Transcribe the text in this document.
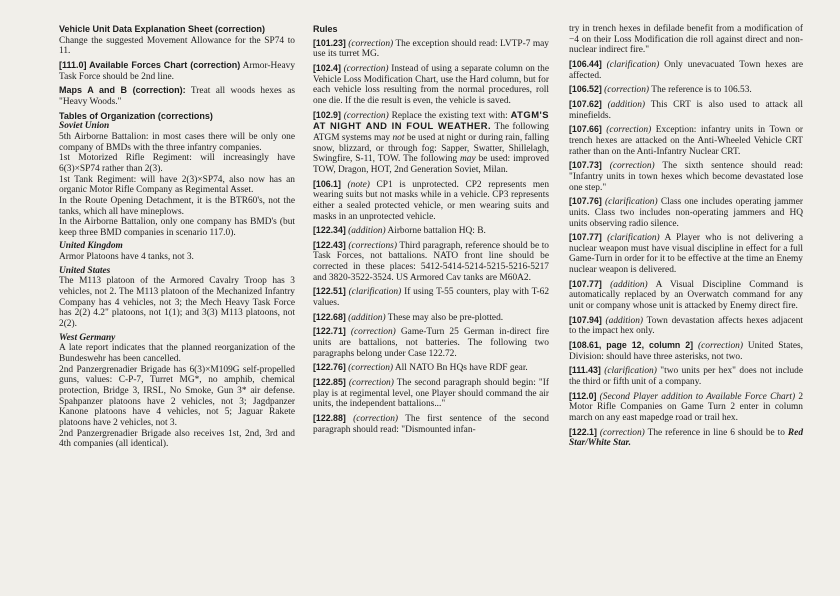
Vehicle Unit Data Explanation Sheet (correction)
Change the suggested Movement Allowance for the SP74 to 11.

[111.0] Available Forces Chart (correction) Armor-Heavy Task Force should be 2nd line.

Maps A and B (correction): Treat all woods hexes as "Heavy Woods."

Tables of Organization (corrections)

Soviet Union

5th Airborne Battalion: in most cases there will be only one company of BMDs with the three infantry companies.

1st Motorized Rifle Regiment: will increasingly have 6(3)×SP74 rather than 2(3).

1st Tank Regiment: will have 2(3)×SP74, also now has an organic Motor Rifle Company as Regimental Asset.

In the Route Opening Detachment, it is the BTR60's, not the tanks, which all have mineplows.

In the Airborne Battalion, only one company has BMD's (but keep three BMD companies in scenario 117.0).

United Kingdom

Armor Platoons have 4 tanks, not 3.

United States

The M113 platoon of the Armored Cavalry Troop has 3 vehicles, not 2. The M113 platoon of the Mechanized Infantry Company has 4 vehicles, not 3; the Mech Heavy Task Force has 2(2) 4.2" platoons, not 1(1); and 3(3) M113 platoons, not 2(2).

West Germany

A late report indicates that the planned reorganization of the Bundeswehr has been cancelled.

2nd Panzergrenadier Brigade has 6(3)×M109G self-propelled guns, values: C-P-7, Turret MG*, no amphib, chemical protection, Bridge 3, IRSL, No Smoke, Gun 3* air defense. Spahpanzer platoons have 2 vehicles, not 3; Jagdpanzer Kanone platoons have 4 vehicles, not 5; Jaguar Rakete platoons have 2 vehicles, not 3.

2nd Panzergrenadier Brigade also receives 1st, 2nd, 3rd and 4th companies (all identical).

Rules

[101.23] (correction) The exception should read: LVTP-7 may use its turret MG.

[102.4] (correction) Instead of using a separate column on the Vehicle Loss Modification Chart, use the Hard column, but for each vehicle loss resulting from the normal procedures, roll one die. If the die result is even, the vehicle is saved.

[102.9] (correction) Replace the existing text with: ATGM'S AT NIGHT AND IN FOUL WEATHER. The following ATGM systems may not be used at night or during rain, falling snow, blizzard, or through fog: Sapper, Swatter, Shillelagh, Swingfire, S-11, TOW. The following may be used: improved TOW, Dragon, HOT, 2nd Generation Soviet, Milan.

[106.1] (note) CP1 is unprotected. CP2 represents men wearing suits but not masks while in a vehicle. CP3 represents either a sealed protected vehicle, or men wearing suits and masks in an unprotected vehicle.

[122.34] (addition) Airborne battalion HQ: B.

[122.43] (corrections) Third paragraph, reference should be to Task Forces, not battalions. NATO front line should be corrected in these places: 5412-5414-5214-5215-5216-5217 and 3820-3522-3524. US Armored Cav tanks are M60A2.

[122.51] (clarification) If using T-55 counters, play with T-62 values.

[122.68] (addition) These may also be pre-plotted.

[122.71] (correction) Game-Turn 25 German in-direct fire units are battalions, not batteries. The following two paragraphs belong under Case 122.72.

[122.76] (correction) All NATO Bn HQs have RDF gear.

[122.85] (correction) The second paragraph should begin: "If play is at regimental level, one Player should command the air units, the independent battalions..."

[122.88] (correction) The first sentence of the second paragraph should read: "Dismounted infan-

try in trench hexes in defilade benefit from a modification of −4 on their Loss Modification die roll against direct and non-nuclear indirect fire."

[106.44] (clarification) Only unevacuated Town hexes are affected.

[106.52] (correction) The reference is to 106.53.

[107.62] (addition) This CRT is also used to attack all minefields.

[107.66] (correction) Exception: infantry units in Town or trench hexes are attacked on the Anti-Wheeled Vehicle CRT rather than on the Anti-Infantry Nuclear CRT.

[107.73] (correction) The sixth sentence should read: "Infantry units in town hexes which become devastated lose one step."

[107.76] (clarification) Class one includes operating jammer units. Class two includes non-operating jammers and HQ units observing radio silence.

[107.77] (clarification) A Player who is not delivering a nuclear weapon must have visual discipline in effect for a full Game-Turn in order for it to be effective at the time an Enemy nuclear weapon is delivered.

[107.77] (addition) A Visual Discipline Command is automatically replaced by an Overwatch command for any unit or company whose unit is attacked by Enemy direct fire.

[107.94] (addition) Town devastation affects hexes adjacent to the impact hex only.

[108.61, page 12, column 2] (correction) United States, Division: should have three asterisks, not two.

[111.43] (clarification) "two units per hex" does not include the third or fifth unit of a company.

[112.0] (Second Player addition to Available Force Chart) 2 Motor Rifle Companies on Game Turn 2 enter in column march on any east mapedge road or trail hex.

[122.1] (correction) The reference in line 6 should be to Red Star/White Star.
